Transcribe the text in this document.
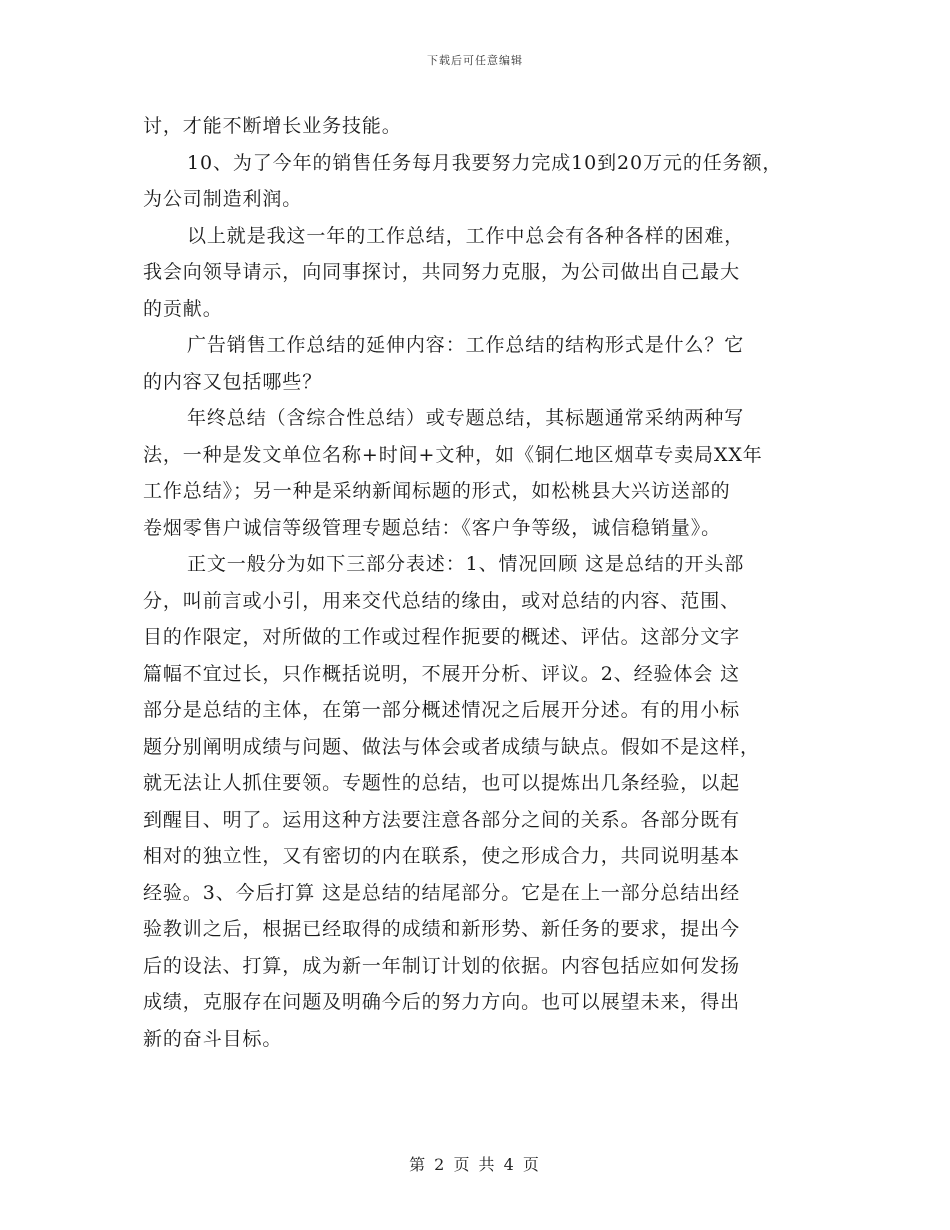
下载后可任意编辑
讨，才能不断增长业务技能。
10、为了今年的销售任务每月我要努力完成10到20万元的任务额，
为公司制造利润。
以上就是我这一年的工作总结，工作中总会有各种各样的困难，
我会向领导请示，向同事探讨，共同努力克服，为公司做出自己最大
的贡献。
广告销售工作总结的延伸内容：工作总结的结构形式是什么？它
的内容又包括哪些？
年终总结（含综合性总结）或专题总结，其标题通常采纳两种写
法，一种是发文单位名称+时间+文种，如《铜仁地区烟草专卖局XX年
工作总结》；另一种是采纳新闻标题的形式，如松桃县大兴访送部的
卷烟零售户诚信等级管理专题总结：《客户争等级，诚信稳销量》。
正文一般分为如下三部分表述：1、情况回顾 这是总结的开头部
分，叫前言或小引，用来交代总结的缘由，或对总结的内容、范围、
目的作限定，对所做的工作或过程作扼要的概述、评估。这部分文字
篇幅不宜过长，只作概括说明，不展开分析、评议。2、经验体会 这
部分是总结的主体，在第一部分概述情况之后展开分述。有的用小标
题分别阐明成绩与问题、做法与体会或者成绩与缺点。假如不是这样，
就无法让人抓住要领。专题性的总结，也可以提炼出几条经验，以起
到醒目、明了。运用这种方法要注意各部分之间的关系。各部分既有
相对的独立性，又有密切的内在联系，使之形成合力，共同说明基本
经验。3、今后打算 这是总结的结尾部分。它是在上一部分总结出经
验教训之后，根据已经取得的成绩和新形势、新任务的要求，提出今
后的设法、打算，成为新一年制订计划的依据。内容包括应如何发扬
成绩，克服存在问题及明确今后的努力方向。也可以展望未来，得出
新的奋斗目标。
第 2 页 共 4 页
